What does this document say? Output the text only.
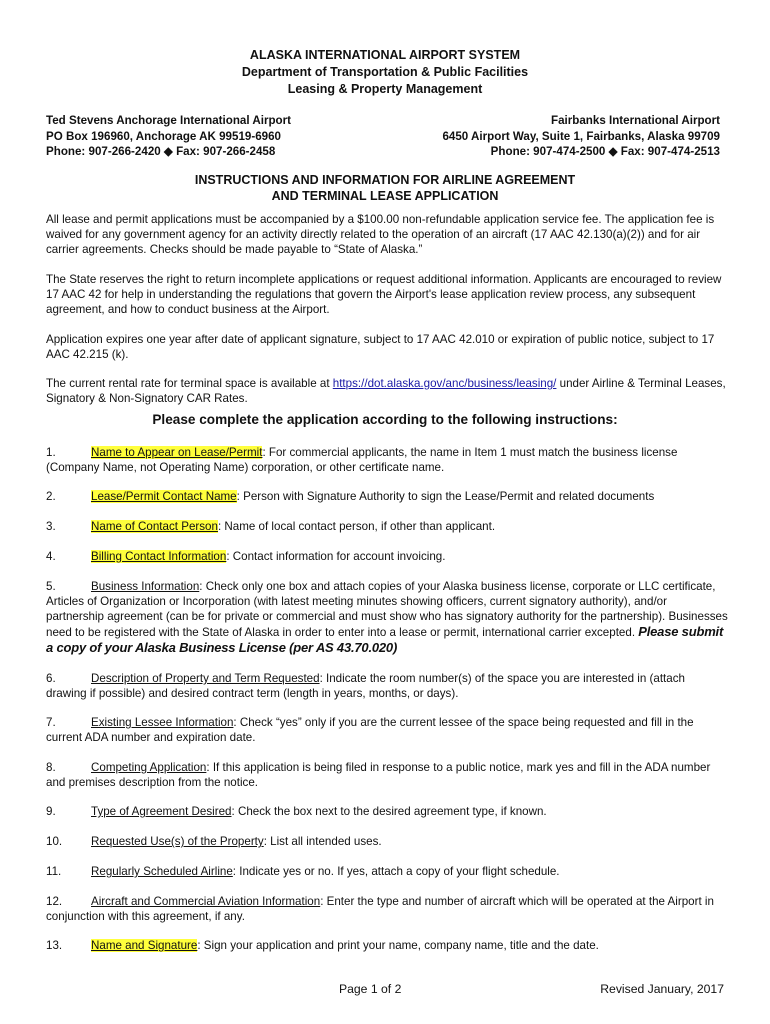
ALASKA INTERNATIONAL AIRPORT SYSTEM
Department of Transportation & Public Facilities
Leasing & Property Management
Ted Stevens Anchorage International Airport
PO Box 196960, Anchorage AK 99519-6960
Phone: 907-266-2420 ◆ Fax: 907-266-2458
Fairbanks International Airport
6450 Airport Way, Suite 1, Fairbanks, Alaska 99709
Phone: 907-474-2500 ◆ Fax: 907-474-2513
INSTRUCTIONS AND INFORMATION FOR AIRLINE AGREEMENT
AND TERMINAL LEASE APPLICATION
All lease and permit applications must be accompanied by a $100.00 non-refundable application service fee. The application fee is waived for any government agency for an activity directly related to the operation of an aircraft (17 AAC 42.130(a)(2)) and for air carrier agreements. Checks should be made payable to “State of Alaska.”
The State reserves the right to return incomplete applications or request additional information. Applicants are encouraged to review 17 AAC 42 for help in understanding the regulations that govern the Airport's lease application review process, any subsequent agreement, and how to conduct business at the Airport.
Application expires one year after date of applicant signature, subject to 17 AAC 42.010 or expiration of public notice, subject to 17 AAC 42.215 (k).
The current rental rate for terminal space is available at https://dot.alaska.gov/anc/business/leasing/ under Airline & Terminal Leases, Signatory & Non-Signatory CAR Rates.
Please complete the application according to the following instructions:
1.	Name to Appear on Lease/Permit: For commercial applicants, the name in Item 1 must match the business license (Company Name, not Operating Name) corporation, or other certificate name.
2.	Lease/Permit Contact Name: Person with Signature Authority to sign the Lease/Permit and related documents
3.	Name of Contact Person: Name of local contact person, if other than applicant.
4.	Billing Contact Information: Contact information for account invoicing.
5.	Business Information: Check only one box and attach copies of your Alaska business license, corporate or LLC certificate, Articles of Organization or Incorporation (with latest meeting minutes showing officers, current signatory authority), and/or partnership agreement (can be for private or commercial and must show who has signatory authority for the partnership). Businesses need to be registered with the State of Alaska in order to enter into a lease or permit, international carrier excepted. Please submit a copy of your Alaska Business License (per AS 43.70.020)
6.	Description of Property and Term Requested: Indicate the room number(s) of the space you are interested in (attach drawing if possible) and desired contract term (length in years, months, or days).
7.	Existing Lessee Information: Check “yes” only if you are the current lessee of the space being requested and fill in the current ADA number and expiration date.
8.	Competing Application: If this application is being filed in response to a public notice, mark yes and fill in the ADA number and premises description from the notice.
9.	Type of Agreement Desired: Check the box next to the desired agreement type, if known.
10. Requested Use(s) of the Property: List all intended uses.
11.	Regularly Scheduled Airline: Indicate yes or no. If yes, attach a copy of your flight schedule.
12. Aircraft and Commercial Aviation Information: Enter the type and number of aircraft which will be operated at the Airport in conjunction with this agreement, if any.
13. Name and Signature: Sign your application and print your name, company name, title and the date.
Page 1 of 2	Revised January, 2017
